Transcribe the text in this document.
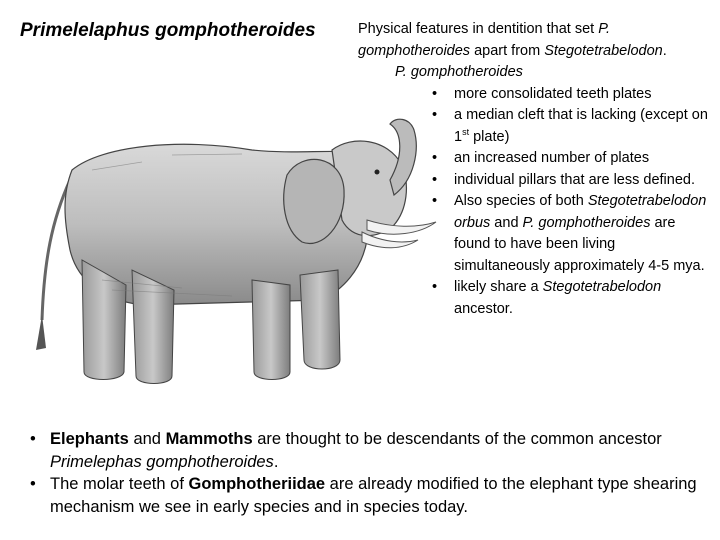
Primelelaphus gomphotheroides	Physical features in dentition that set P. gomphotheroides apart from Stegotetrabelodon.

P. gomphotheroides

• more consolidated teeth plates
• a median cleft that is lacking (except on 1st plate)
• an increased number of plates
• individual pillars that are less defined.
• Also species of both Stegotetrabelodon orbus and P. gomphotheroides are found to have been living simultaneously approximately 4-5 mya.
• likely share a Stegotetrabelodon ancestor.
• Elephants and Mammoths are thought to be descendants of the common ancestor Primelephas gomphotheroides.
• The molar teeth of Gomphotheriidae are already modified to the elephant type shearing mechanism we see in early species and in species today.
